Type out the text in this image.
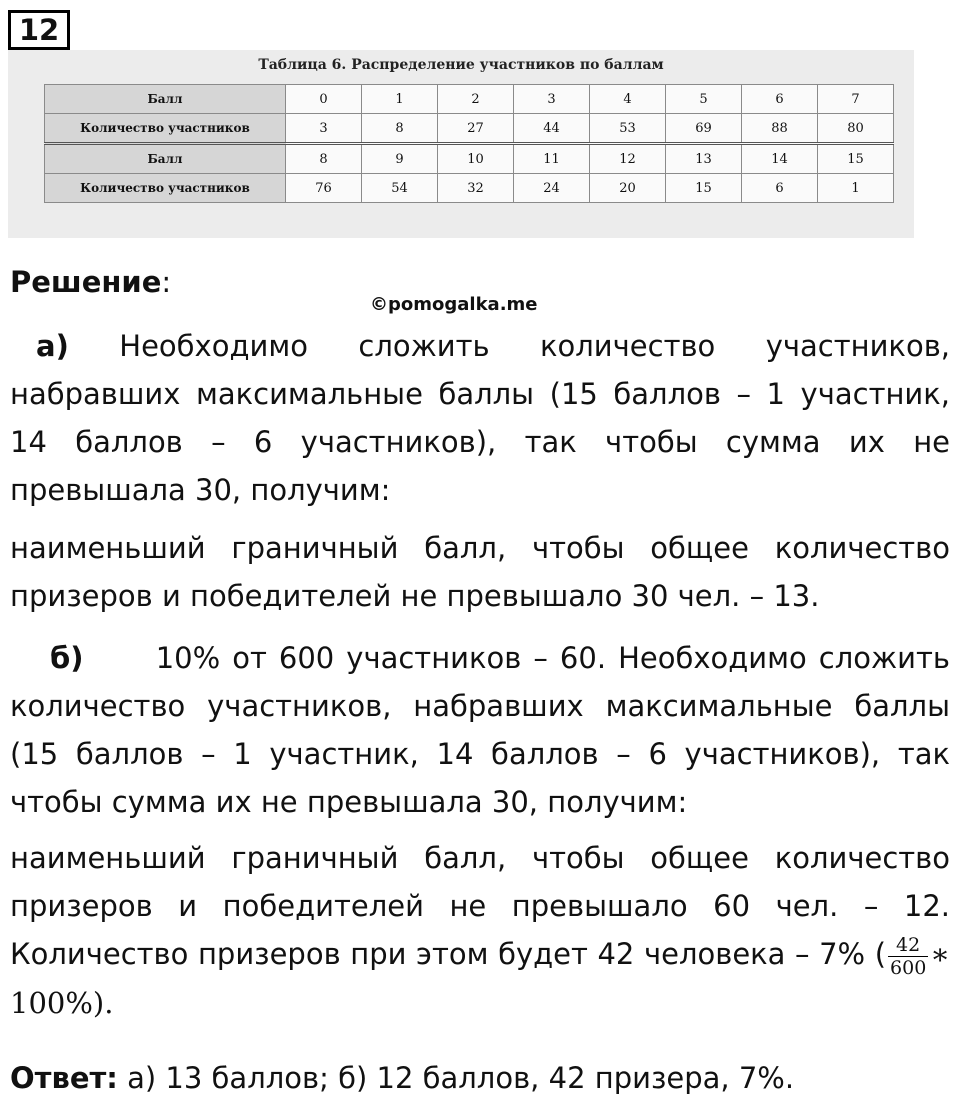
12
Таблица 6. Распределение участников по баллам
Балл	0	1	2	3	4	5	6	7
Количество участников	3	8	27	44	53	69	88	80
Балл	8	9	10	11	12	13	14	15
Количество участников	76	54	32	24	20	15	6	1
Решение:
©pomogalka.me

а) Необходимо сложить количество участников, набравших максимальные баллы (15 баллов – 1 участник, 14 баллов – 6 участников), так чтобы сумма их не превышала 30, получим:

наименьший граничный балл, чтобы общее количество призеров и победителей не превышало 30 чел. – 13.

б) 10% от 600 участников – 60. Необходимо сложить количество участников, набравших максимальные баллы (15 баллов – 1 участник, 14 баллов – 6 участников), так чтобы сумма их не превышала 30, получим:

наименьший граничный балл, чтобы общее количество призеров и победителей не превышало 60 чел. – 12. Количество призеров при этом будет 42 человека – 7% ( $\frac{42}{600}$ ∗ 100%).

Ответ: а) 13 баллов; б) 12 баллов, 42 призера, 7%.
